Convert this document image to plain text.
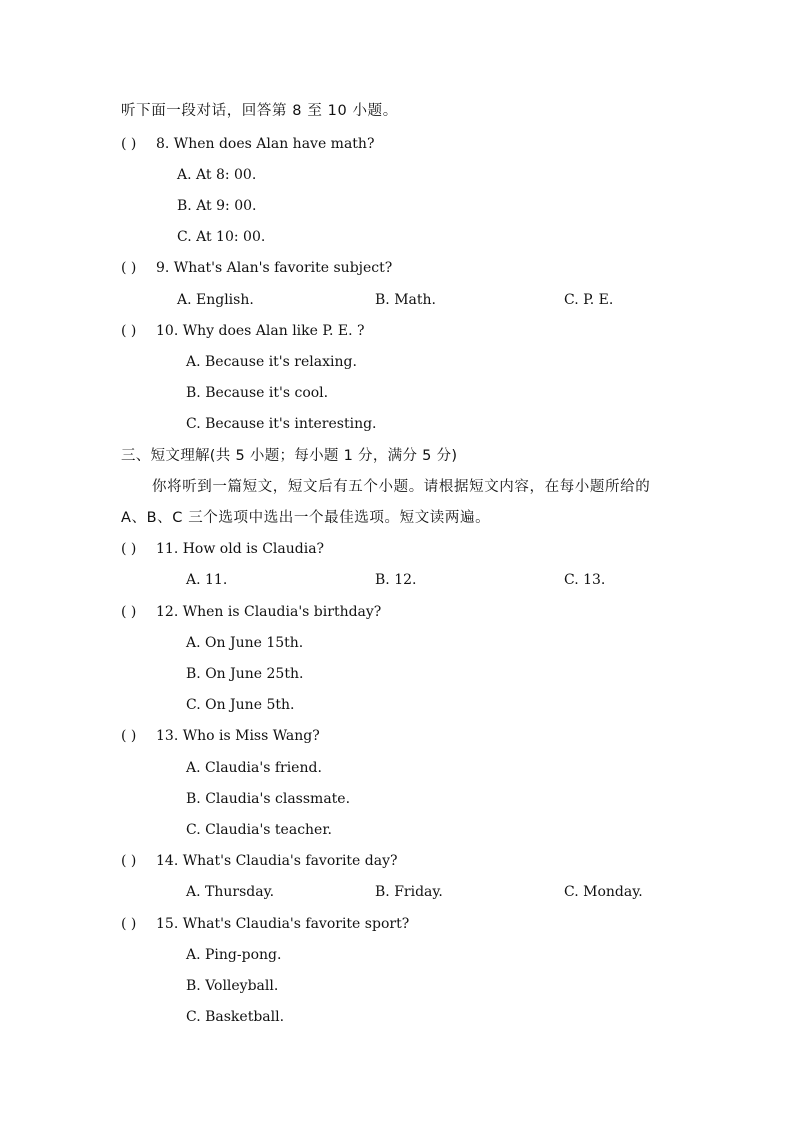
听下面一段对话，回答第 8 至 10 小题。
( ) 8. When does Alan have math?
A. At 8: 00.
B. At 9: 00.
C. At 10: 00.
( ) 9. What's Alan's favorite subject?
A. English.	B. Math.	C. P. E.
( ) 10. Why does Alan like P. E. ?
A. Because it's relaxing.
B. Because it's cool.
C. Because it's interesting.
三、短文理解(共 5 小题；每小题 1 分，满分 5 分)
你将听到一篇短文，短文后有五个小题。请根据短文内容，在每小题所给的
A、B、C 三个选项中选出一个最佳选项。短文读两遍。
( ) 11. How old is Claudia?
A. 11.	B. 12.	C. 13.
( ) 12. When is Claudia's birthday?
A. On June 15th.
B. On June 25th.
C. On June 5th.
( ) 13. Who is Miss Wang?
A. Claudia's friend.
B. Claudia's classmate.
C. Claudia's teacher.
( ) 14. What's Claudia's favorite day?
A. Thursday.	B. Friday.	C. Monday.
( ) 15. What's Claudia's favorite sport?
A. Ping-pong.
B. Volleyball.
C. Basketball.
